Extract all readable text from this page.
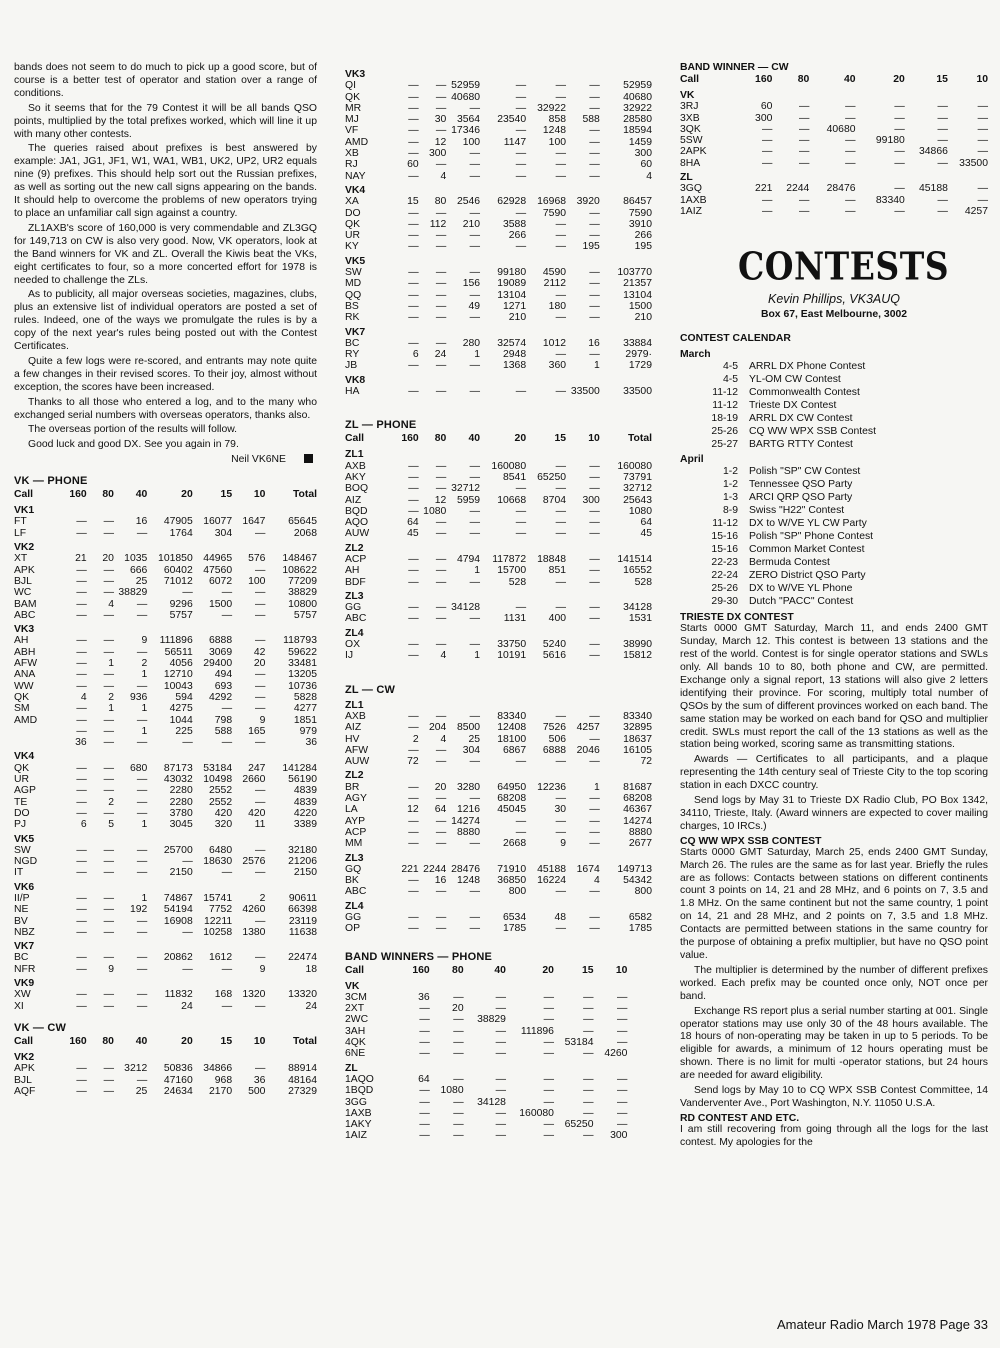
bands does not seem to do much to pick up a good score, but of course is a better test of operator and station over a range of conditions.

So it seems that for the 79 Contest it will be all bands QSO points, multiplied by the total prefixes worked, which will line it up with many other contests.

The queries raised about prefixes is best answered by example: JA1, JG1, JF1, W1, WA1, WB1, UK2, UP2, UR2 equals nine (9) prefixes. This should help sort out the Russian prefixes, as well as sorting out the new call signs appearing on the bands. It should help to overcome the problems of new operators trying to place an unfamiliar call sign against a country.

ZL1AXB's score of 160,000 is very commendable and ZL3GQ for 149,713 on CW is also very good. Now, VK operators, look at the Band winners for VK and ZL. Overall the Kiwis beat the VKs, eight certificates to four, so a more concerted effort for 1978 is needed to challenge the ZLs.

As to publicity, all major overseas societies, magazines, clubs, plus an extensive list of individual operators are posted a set of rules. Indeed, one of the ways we promulgate the rules is by a copy of the next year's rules being posted out with the Contest Certificates.

Quite a few logs were re-scored, and entrants may note quite a few changes in their revised scores. To their joy, almost without exception, the scores have been increased.

Thanks to all those who entered a log, and to the many who exchanged serial numbers with overseas operators, thanks also.

The overseas portion of the results will follow.

Good luck and good DX. See you again in 79.

Neil VK6NE
VK — PHONE
Call	160	80	40	20	15	10	Total
VK1							
FT	—	—	16	47905	16077	1647	65645
LF	—	—	—	1764	304	—	2068
VK2							
XT	21	20	1035	101850	44965	576	148467
APK	—	—	666	60402	47560	—	108622
BJL	—	—	25	71012	6072	100	77209
WC	—	—	38829	—	—	—	38829
BAM	—	4	—	9296	1500	—	10800
ABC	—	—	—	5757	—	—	5757
VK3							
AH	—	—	9	111896	6888	—	118793
ABH	—	—	—	56511	3069	42	59622
AFW	—	1	2	4056	29400	20	33481
ANA	—	—	1	12710	494	—	13205
WW	—	—	—	10043	693	—	10736
QK	4	2	936	594	4292	—	5828
SM	—	1	1	4275	—	—	4277
AMD	—	—	—	1044	798	9	1851
	—	—	1	225	588	165	979
	36	—	—	—	—	—	36
VK4							
QK	—	—	680	87173	53184	247	141284
UR	—	—	—	43032	10498	2660	56190
AGP	—	—	—	2280	2552	—	4839
TE	—	2	—	2280	2552	—	4839
DO	—	—	—	3780	420	420	4220
PJ	6	5	1	3045	320	11	3389
VK5							
SW	—	—	—	25700	6480	—	32180
NGD	—	—	—	—	18630	2576	21206
IT	—	—	—	2150	—	—	2150
VK6							
II/P	—	—	1	74867	15741	2	90611
NE	—	—	192	54194	7752	4260	66398
BV	—	—	—	16908	12211	—	23119
NBZ	—	—	—	—	10258	1380	11638
VK7							
BC	—	—	—	20862	1612	—	22474
NFR	—	9	—	—	—	9	18
VK9							
XW	—	—	—	11832	168	1320	13320
XI	—	—	—	24	—	—	24
VK — CW
Call	160	80	40	20	15	10	Total
VK2							
APK	—	—	3212	50836	34866	—	88914
BJL	—	—	—	47160	968	36	48164
AQF	—	—	25	24634	2170	500	27329
VK3							
QI	—	—	52959	—	—	—	52959
QK	—	—	40680	—	—	—	40680
MR	—	—	—	—	32922	—	32922
MJ	—	30	3564	23540	858	588	28580
VF	—	—	17346	—	1248	—	18594
AMD	—	12	100	1147	100	—	1459
XB	—	300	—	—	—	—	300
RJ	60	—	—	—	—	—	60
NAY	—	4	—	—	—	—	4
VK4							
XA	15	80	2546	62928	16968	3920	86457
DO	—	—	—	—	7590	—	7590
QK	—	112	210	3588	—	—	3910
UR	—	—	—	266	—	—	266
KY	—	—	—	—	—	195	195
VK5							
SW	—	—	—	99180	4590	—	103770
MD	—	—	156	19089	2112	—	21357
QQ	—	—	—	13104	—	—	13104
BS	—	—	49	1271	180	—	1500
RK	—	—	—	210	—	—	210
VK7							
BC	—	—	280	32574	1012	16	33884
RY	6	24	1	2948	—	—	2979·
JB	—	—	—	1368	360	1	1729
VK8							
HA	—	—	—	—	—	33500	33500
ZL — PHONE
Call	160	80	40	20	15	10	Total
ZL1							
AXB	—	—	—	160080	—	—	160080
AKY	—	—	—	8541	65250	—	73791
BOQ	—	—	32712	—	—	—	32712
AIZ	—	12	5959	10668	8704	300	25643
BQD	—	1080	—	—	—	—	1080
AQO	64	—	—	—	—	—	64
AUW	45	—	—	—	—	—	45
ZL2							
ACP	—	—	4794	117872	18848	—	141514
AH	—	—	1	15700	851	—	16552
BDF	—	—	—	528	—	—	528
ZL3							
GG	—	—	34128	—	—	—	34128
ABC	—	—	—	1131	400	—	1531
ZL4							
OX	—	—	—	33750	5240	—	38990
IJ	—	4	1	10191	5616	—	15812
ZL — CW
ZL1							
AXB	—	—	—	83340	—	—	83340
AIZ	—	204	8500	12408	7526	4257	32895
HV	2	4	25	18100	506	—	18637
AFW	—	—	304	6867	6888	2046	16105
AUW	72	—	—	—	—	—	72
ZL2							
BR	—	20	3280	64950	12236	1	81687
AGY	—	—	—	68208	—	—	68208
LA	12	64	1216	45045	30	—	46367
AYP	—	—	14274	—	—	—	14274
ACP	—	—	8880	—	—	—	8880
MM	—	—	—	2668	9	—	2677
ZL3							
GQ	221	2244	28476	71910	45188	1674	149713
BK	—	16	1248	36850	16224	4	54342
ABC	—	—	—	800	—	—	800
ZL4							
GG	—	—	—	6534	48	—	6582
OP	—	—	—	1785	—	—	1785
BAND WINNERS — PHONE
Call	160	80	40	20	15	10
VK						
3CM	36	—	—	—	—	—
2XT	—	20	—	—	—	—
2WC	—	—	38829	—	—	—
3AH	—	—	—	111896	—	—
4QK	—	—	—	—	53184	—
6NE	—	—	—	—	—	4260
ZL						
1AQO	64	—	—	—	—	—
1BQD	—	1080	—	—	—	—
3GG	—	—	34128	—	—	—
1AXB	—	—	—	160080	—	—
1AKY	—	—	—	—	65250	—
1AIZ	—	—	—	—	—	300
BAND WINNER — CW
Call	160	80	40	20	15	10
VK						
3RJ	60	—	—	—	—	—
3XB	300	—	—	—	—	—
3QK	—	—	40680	—	—	—
5SW	—	—	—	99180	—	—
2APK	—	—	—	—	34866	—
8HA	—	—	—	—	—	33500
ZL						
3GQ	221	2244	28476	—	45188	—
1AXB	—	—	—	83340	—	—
1AIZ	—	—	—	—	—	4257
CONTESTS
Kevin Phillips, VK3AUQ
Box 67, East Melbourne, 3002
CONTEST CALENDAR
March
4-5	ARRL DX Phone Contest
4-5	YL-OM CW Contest
11-12	Commonwealth Contest
11-12	Trieste DX Contest
18-19	ARRL DX CW Contest
25-26	CQ WW WPX SSB Contest
25-27	BARTG RTTY Contest
April
1-2	Polish "SP" CW Contest
1-2	Tennessee QSO Party
1-3	ARCI QRP QSO Party
8-9	Swiss "H22" Contest
11-12	DX to W/VE YL CW Party
15-16	Polish "SP" Phone Contest
15-16	Common Market Contest
22-23	Bermuda Contest
22-24	ZERO District QSO Party
25-26	DX to W/VE YL Phone
29-30	Dutch "PACC" Contest
TRIESTE DX CONTEST

Starts 0000 GMT Saturday, March 11, and ends 2400 GMT Sunday, March 12. This contest is between 13 stations and the rest of the world. Contest is for single operator stations and SWLs only. All bands 10 to 80, both phone and CW, are permitted. Exchange only a signal report, 13 stations will also give 2 letters identifying their province. For scoring, multiply total number of QSOs by the sum of different provinces worked on each band. The same station may be worked on each band for QSO and multiplier credit. SWLs must report the call of the 13 stations as well as the station being worked, scoring same as transmitting stations.

Awards — Certificates to all participants, and a plaque representing the 14th century seal of Trieste City to the top scoring station in each DXCC country.

Send logs by May 31 to Trieste DX Radio Club, PO Box 1342, 34110, Trieste, Italy. (Award winners are expected to cover mailing charges, 10 IRCs.)

CQ WW WPX SSB CONTEST

Starts 0000 GMT Saturday, March 25, ends 2400 GMT Sunday, March 26. The rules are the same as for last year. Briefly the rules are as follows: Contacts between stations on different continents count 3 points on 14, 21 and 28 MHz, and 6 points on 7, 3.5 and 1.8 MHz. On the same continent but not the same country, 1 point on 14, 21 and 28 MHz, and 2 points on 7, 3.5 and 1.8 MHz. Contacts are permitted between stations in the same country for the purpose of obtaining a prefix multiplier, but have no QSO point value.

The multiplier is determined by the number of different prefixes worked. Each prefix may be counted once only, NOT once per band.

Exchange RS report plus a serial number starting at 001. Single operator stations may use only 30 of the 48 hours available. The 18 hours of non-operating may be taken in up to 5 periods. To be eligible for awards, a minimum of 12 hours operating must be shown. There is no limit for multi -operator stations, but 24 hours are needed for award eligibility.

Send logs by May 10 to CQ WPX SSB Contest Committee, 14 Vanderventer Ave., Port Washington, N.Y. 11050 U.S.A.

RD CONTEST AND ETC.

I am still recovering from going through all the logs for the last contest. My apologies for the

Amateur Radio March 1978 Page 33
